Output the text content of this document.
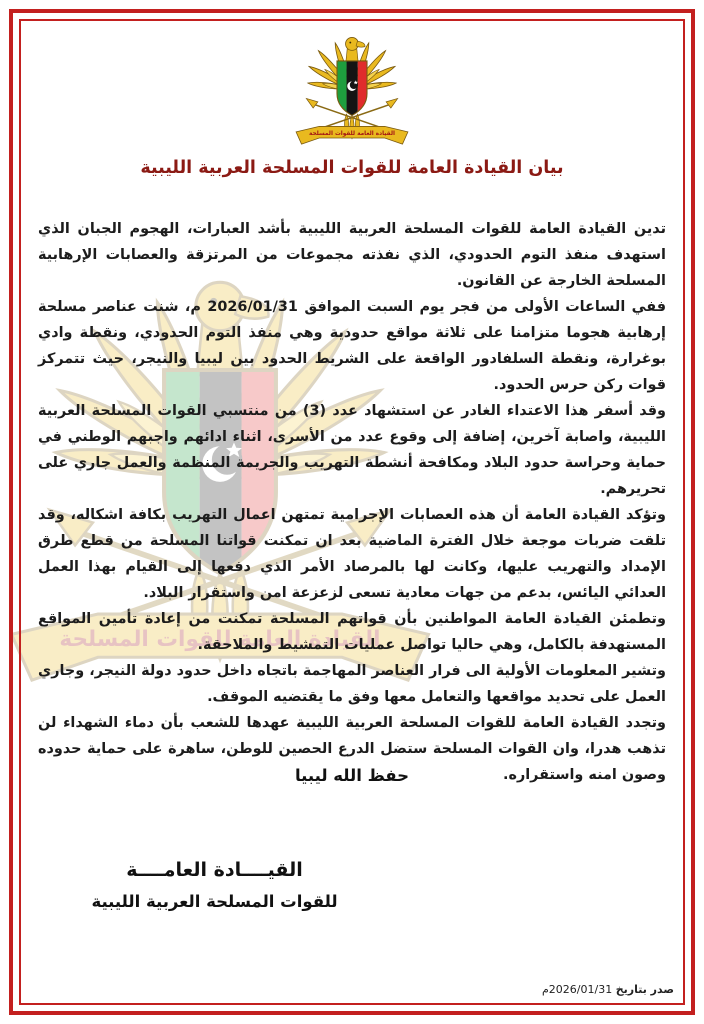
بيان القيادة العامة للقوات المسلحة العربية الليبية

تدين القيادة العامة للقوات المسلحة العربية الليبية بأشد العبارات، الهجوم الجبان الذي استهدف منفذ التوم الحدودي، الذي نفذته مجموعات من المرتزقة والعصابات الإرهابية المسلحة الخارجة عن القانون.

ففي الساعات الأولى من فجر يوم السبت الموافق 2026/01/31 م، شنت عناصر مسلحة إرهابية هجوما متزامنا على ثلاثة مواقع حدودية وهي منفذ التوم الحدودي، ونقطة وادي بوغرارة، ونقطة السلفادور الواقعة على الشريط الحدود بين ليبيا والنيجر، حيث تتمركز قوات ركن حرس الحدود.

وقد أسفر هذا الاعتداء الغادر عن استشهاد عدد (3) من منتسبي القوات المسلحة العربية الليبية، واصابة آخرين، إضافة إلى وقوع عدد من الأسرى، اثناء ادائهم واجبهم الوطني في حماية وحراسة حدود البلاد ومكافحة أنشطة التهريب والجريمة المنظمة والعمل جاري على تحريرهم.

وتؤكد القيادة العامة أن هذه العصابات الإجرامية تمتهن اعمال التهريب بكافة اشكاله، وقد تلقت ضربات موجعة خلال الفترة الماضية بعد ان تمكنت قواتنا المسلحة من قطع طرق الإمداد والتهريب عليها، وكانت لها بالمرصاد الأمر الذي دفعها إلى القيام بهذا العمل العدائي اليائس، بدعم من جهات معادية تسعى لزعزعة امن واستقرار البلاد.

وتطمئن القيادة العامة المواطنين بأن قواتهم المسلحة تمكنت من إعادة تأمين المواقع المستهدفة بالكامل، وهي حاليا تواصل عمليات التمشيط والملاحقة.

وتشير المعلومات الأولية الى فرار العناصر المهاجمة باتجاه داخل حدود دولة النيجر، وجاري العمل على تحديد مواقعها والتعامل معها وفق ما يقتضيه الموقف.

وتجدد القيادة العامة للقوات المسلحة العربية الليبية عهدها للشعب بأن دماء الشهداء لن تذهب هدرا، وان القوات المسلحة ستضل الدرع الحصين للوطن، ساهرة على حماية حدوده وصون امنه واستقراره.

حفظ الله ليبيا
القيــــادة العامــــة
للقوات المسلحة العربية الليبية
صدر بتاريخ 2026/01/31م
